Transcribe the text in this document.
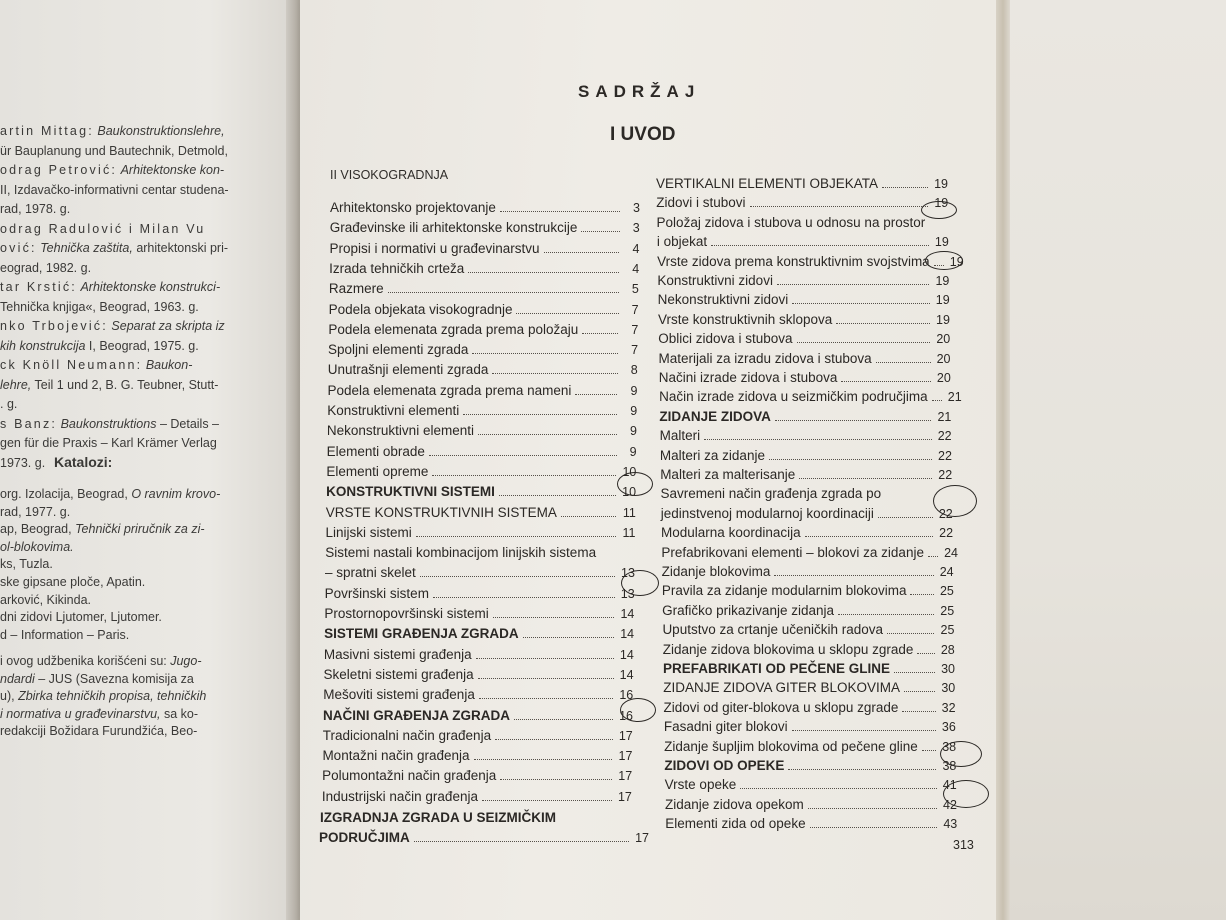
artin Mittag: Baukonstruktionslehre,
ür Bauplanung und Bautechnik, Detmold,
odrag Petrović: Arhitektonske kon-
II, Izdavačko-informativni centar studena-
rad, 1978. g.
odrag Radulović i Milan Vu
ović: Tehnička zaštita, arhitektonski pri-
eograd, 1982. g.
tar Krstić: Arhitektonske konstrukci-
Tehnička knjiga«, Beograd, 1963. g.
nko Trbojević: Separat za skripta iz
kih konstrukcija I, Beograd, 1975. g.
ck Knöll Neumann: Baukon-
lehre, Teil 1 und 2, B. G. Teubner, Stutt-
. g.
s Banz: Baukonstruktions – Details –
gen für die Praxis – Karl Krämer Verlag
1973. g.
org. Izolacija, Beograd, O ravnim krovo-
rad, 1977. g.
ap, Beograd, Tehnički priručnik za zi-
ol-blokovima.
ks, Tuzla.
ske gipsane ploče, Apatin.
arković, Kikinda.
dni zidovi Ljutomer, Ljutomer.
d – Information – Paris.
i ovog udžbenika korišćeni su: Jugo-
ndardi – JUS (Savezna komisija za
u), Zbirka tehničkih propisa, tehničkih
i normativa u građevinarstvu, sa ko-
redakciji Božidara Furundžića, Beo-
Katalozi:
SADRŽAJ
I UVOD
II VISOKOGRADNJA
Arhitektonsko projektovanje	3
Građevinske ili arhitektonske konstrukcije	3
Propisi i normativi u građevinarstvu	4
Izrada tehničkih crteža	4
Razmere	5
Podela objekata visokogradnje	7
Podela elemenata zgrada prema položaju	7
Spoljni elementi zgrada	7
Unutrašnji elementi zgrada	8
Podela elemenata zgrada prema nameni	9
Konstruktivni elementi	9
Nekonstruktivni elementi	9
Elementi obrade	9
Elementi opreme	10
KONSTRUKTIVNI SISTEMI	10
VRSTE KONSTRUKTIVNIH SISTEMA	11
Linijski sistemi	11
Sistemi nastali kombinacijom linijskih sistema
– spratni skelet	13
Površinski sistem	13
Prostornopovršinski sistemi	14
SISTEMI GRAĐENJA ZGRADA	14
Masivni sistemi građenja	14
Skeletni sistemi građenja	14
Mešoviti sistemi građenja	16
NAČINI GRAĐENJA ZGRADA	16
Tradicionalni način građenja	17
Montažni način građenja	17
Polumontažni način građenja	17
Industrijski način građenja	17
VERTIKALNI ELEMENTI OBJEKATA	19
Zidovi i stubovi	19
Položaj zidova i stubova u odnosu na prostor
i objekat	19
Vrste zidova prema konstruktivnim svojstvima 19
Konstruktivni zidovi	19
Nekonstruktivni zidovi	19
Vrste konstruktivnih sklopova	19
Oblici zidova i stubova	20
Materijali za izradu zidova i stubova	20
Načini izrade zidova i stubova	20
Način izrade zidova u seizmičkim područjima 21
ZIDANJE ZIDOVA	21
Malteri	22
Malteri za zidanje	22
Malteri za malterisanje	22
Savremeni način građenja zgrada po
jedinstvenoj modularnoj koordinaciji	22
Modularna koordinacija	22
Prefabrikovani elementi – blokovi za zidanje 24
Zidanje blokovima	24
Pravila za zidanje modularnim blokovima	25
Grafičko prikazivanje zidanja	25
Uputstvo za crtanje učeničkih radova	25
Zidanje zidova blokovima u sklopu zgrade 28
PREFABRIKATI OD PEČENE GLINE	30
ZIDANJE ZIDOVA GITER BLOKOVIMA	30
Zidovi od giter-blokova u sklopu zgrade	32
Fasadni giter blokovi	36
Zidanje šupljim blokovima od pečene gline 38
ZIDOVI OD OPEKE	38
Vrste opeke	41
Zidanje zidova opekom	42
Elementi zida od opeke	43
IZGRADNJA ZGRADA U SEIZMIČKIM
PODRUČJIMA	17	313
